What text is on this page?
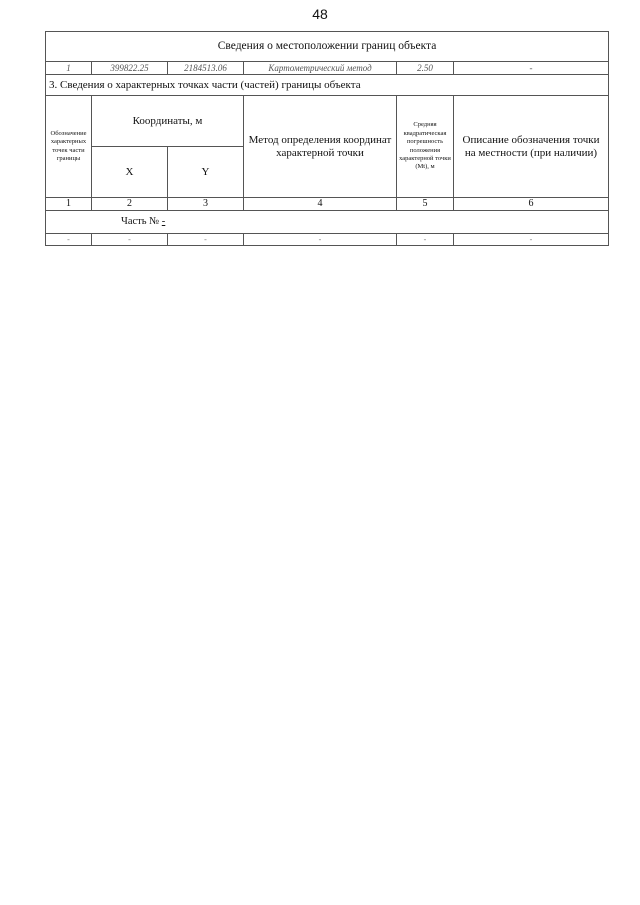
48
Сведения о местоположении границ объекта					
1	399822.25	2184513.06	Картометрический метод	2.50	-
3. Сведения о характерных точках части (частей) границы объекта					
Обозначение характерных точек части границы	Координаты, м		Метод определения координат характерной точки	Средняя квадратическая погрешность положения характерной точки (Мt), м	Описание обозначения точки на местности (при наличии)
	X	Y			
1	2	3	4	5	6
Часть № -					
-	-	-	-	-	-
